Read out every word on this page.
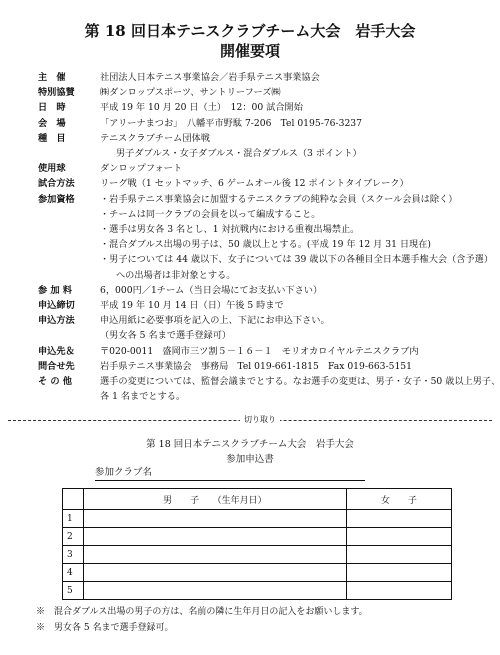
第 18 回日本テニスクラブチーム大会　岩手大会
開催要項
主　催	社団法人日本テニス事業協会／岩手県テニス事業協会
特別協賛	㈱ダンロップスポーツ、サントリーフーズ㈱
日　時	平成 19 年 10 月 20 日（土）　12：00 試合開始
会　場	「アリーナまつお」　八幡平市野駄 7-206　Tel 0195-76-3237
種　目	テニスクラブチーム団体戦
男子ダブルス・女子ダブルス・混合ダブルス（3 ポイント）
使用球	ダンロップフォート
試合方法	リーグ戦（1 セットマッチ、6 ゲームオール後 12 ポイントタイブレーク）
参加資格	・岩手県テニス事業協会に加盟するテニスクラブの純粋な会員（スクール会員は除く）
・チームは同一クラブの会員を以って編成すること。
・選手は男女各 3 名とし、1 対抗戦内における重複出場禁止。
・混合ダブルス出場の男子は、50 歳以上とする。(平成 19 年 12 月 31 日現在)
・男子については 44 歳以下、女子については 39 歳以下の各種目全日本選手権大会（含予選）
への出場者は非対象とする。
参 加 料	6，000円／1チーム（当日会場にてお支払い下さい）
申込締切	平成 19 年 10 月 14 日（日）午後 5 時まで
申込方法	申込用紙に必要事項を記入の上、下記にお申込下さい。
（男女各 5 名まで選手登録可）
申込先＆	〒020-0011　盛岡市三ツ割５－１６－１　モリオカロイヤルテニスクラブ内
問合せ先	岩手県テニス事業協会　事務局　Tel 019-661-1815　Fax 019-663-5151
そ の 他	選手の変更については、監督会議までとする。なお選手の変更は、男子・女子・50 歳以上男子、
各 1 名までとする。
切り取り
第 18 回日本テニスクラブチーム大会　岩手大会
参加申込書
参加クラブ名
	男　　子　　（生年月日）	女　　子
1		
2		
3		
4		
5		
※　混合ダブルス出場の男子の方は、名前の隣に生年月日の記入をお願いします。
※　男女各 5 名まで選手登録可。
